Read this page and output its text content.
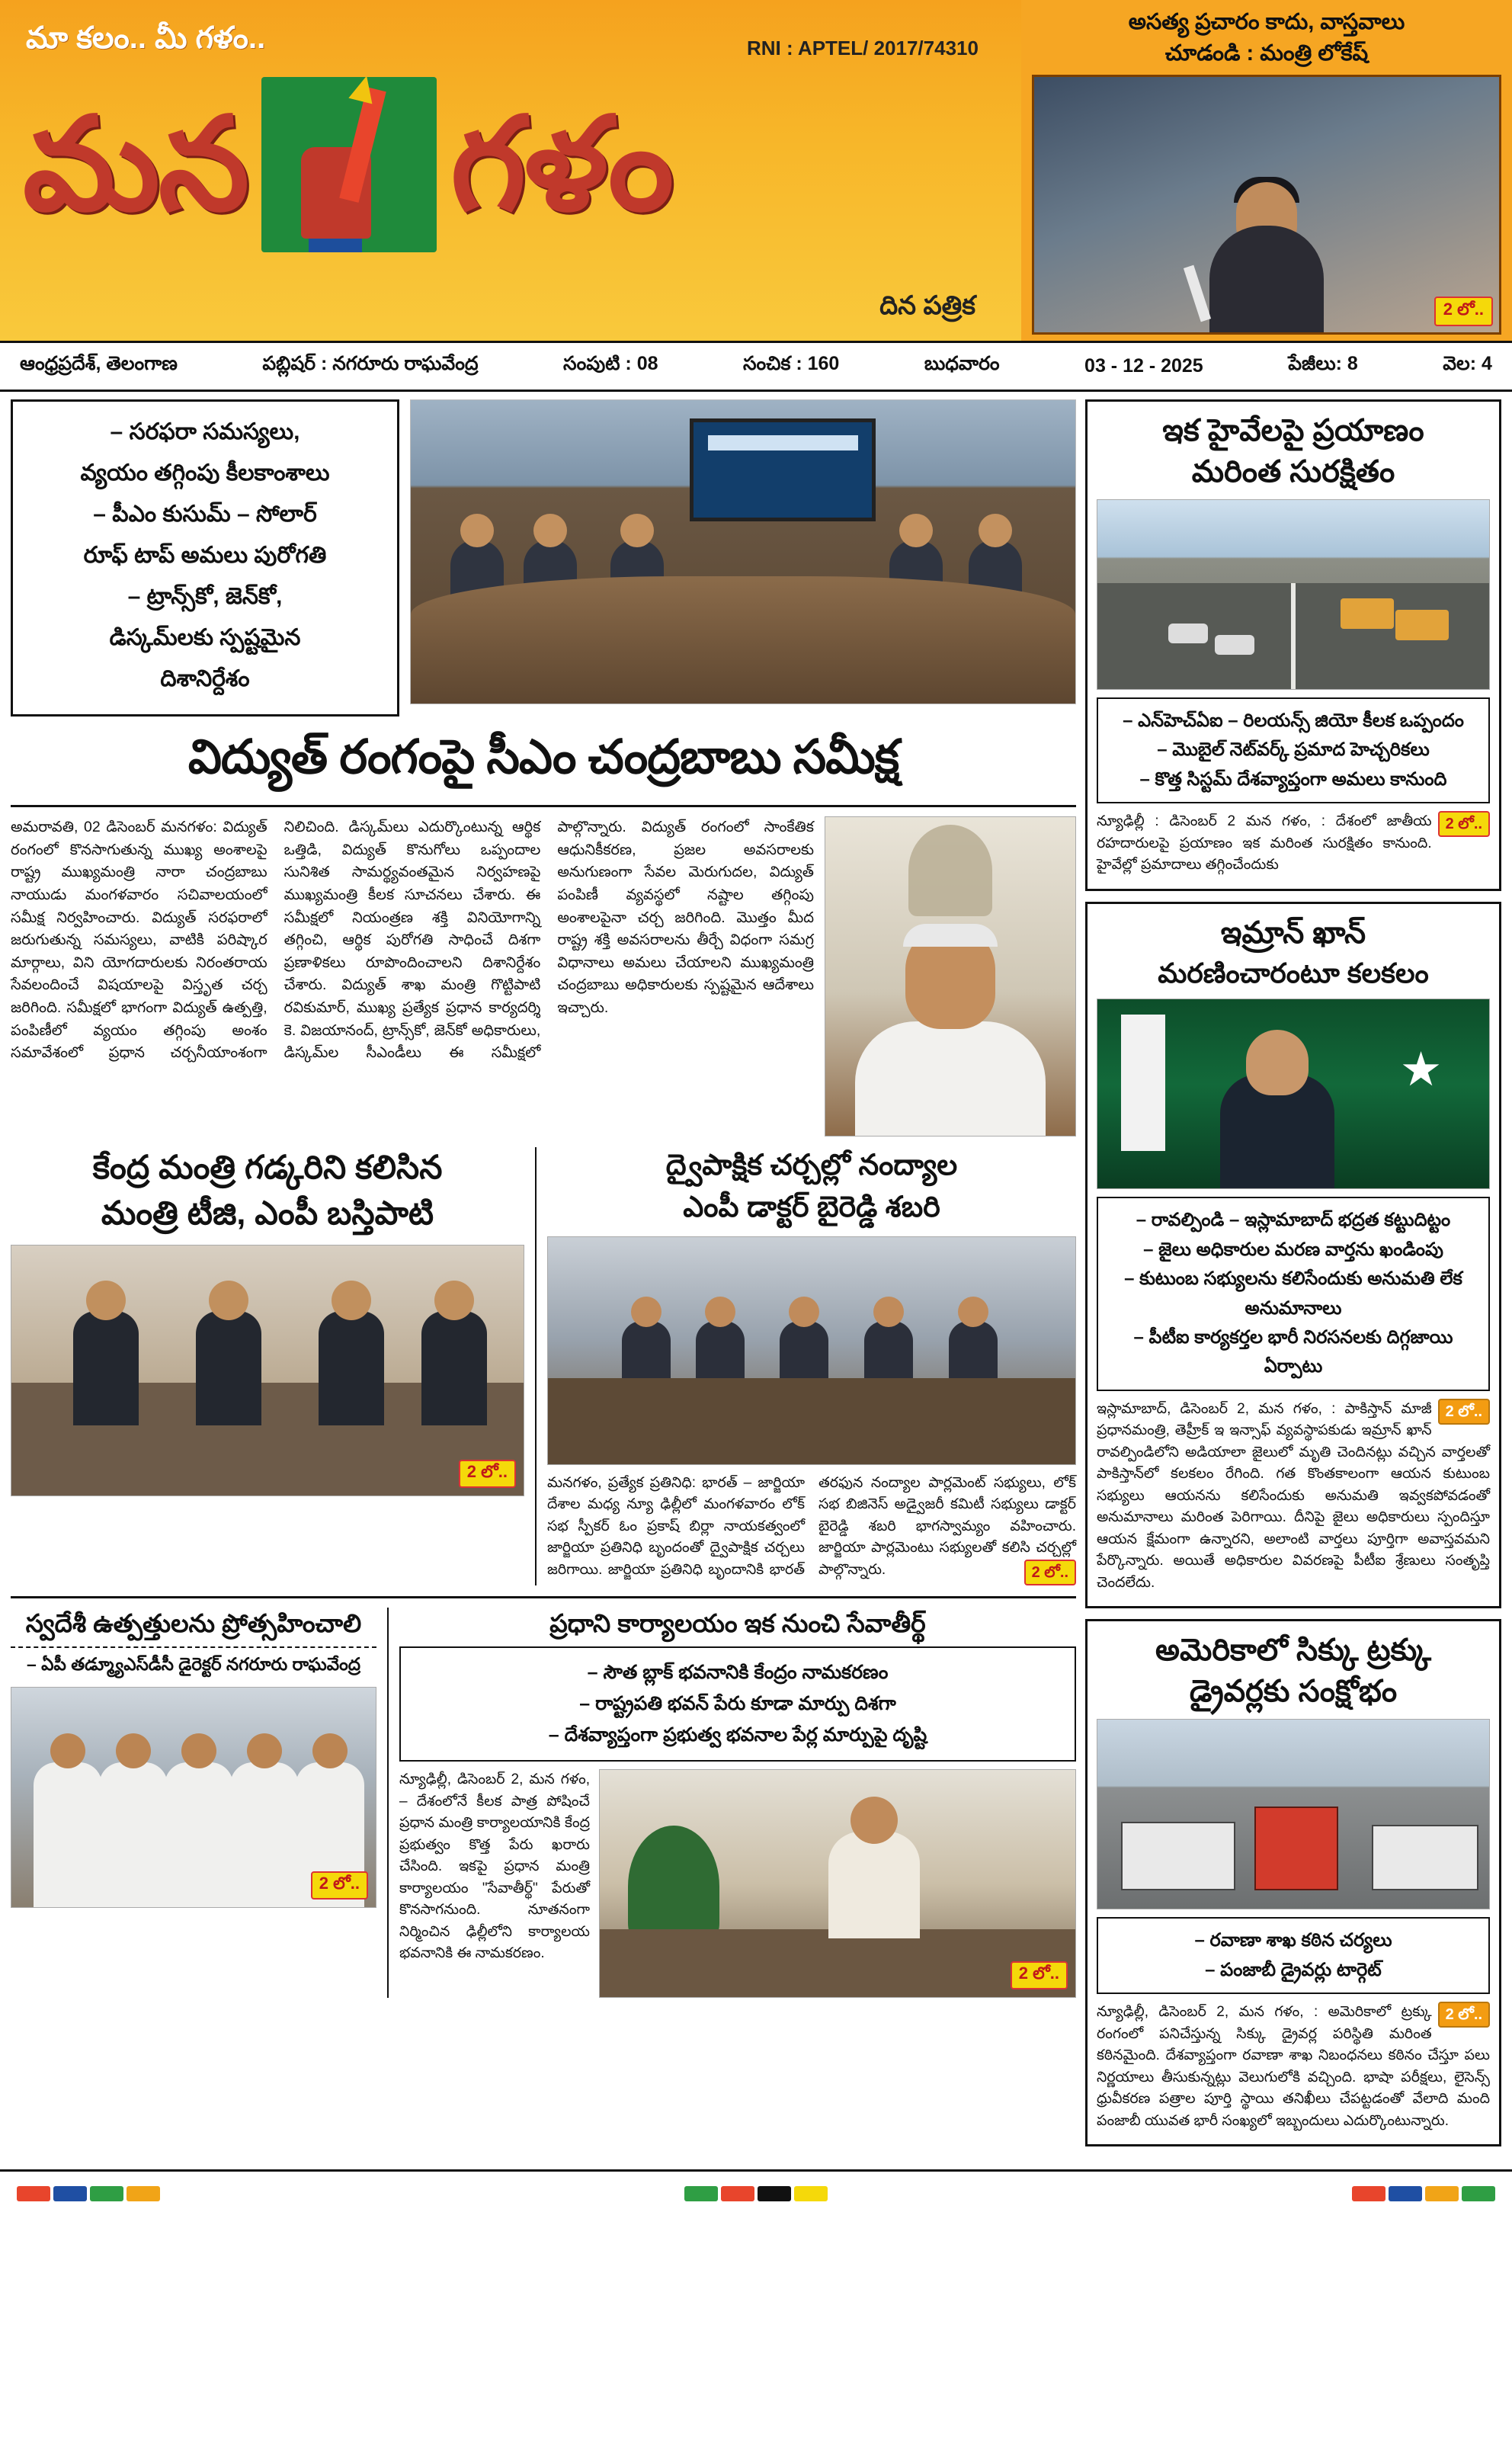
మా కలం.. మీ గళం..	RNI : APTEL/ 2017/74310
మన గళం
దిన పత్రిక
అసత్య ప్రచారం కాదు, వాస్తవాలు
చూడండి : మంత్రి లోకేష్
2 లో..
ఆంధ్రప్రదేశ్, తెలంగాణ	పబ్లిషర్ : నగరూరు రాఘవేంద్ర	సంపుటి : 08	సంచిక : 160	బుధవారం	03 - 12 - 2025	పేజీలు: 8	వెల: 4
– సరఫరా సమస్యలు,
వ్యయం తగ్గింపు కీలకాంశాలు
– పీఎం కుసుమ్ – సోలార్
రూఫ్ టాప్ అమలు పురోగతి
– ట్రాన్స్‌కో, జెన్‌కో,
డిస్కమ్‌లకు స్పష్టమైన
దిశానిర్దేశం
విద్యుత్ రంగంపై సీఎం చంద్రబాబు సమీక్ష
అమరావతి, 02 డిసెంబర్ మనగళం: విద్యుత్ రంగంలో కొనసాగుతున్న ముఖ్య అంశాలపై రాష్ట్ర ముఖ్యమంత్రి నారా చంద్రబాబు నాయుడు మంగళవారం సచివాలయంలో సమీక్ష నిర్వహించారు. విద్యుత్ సరఫరాలో జరుగుతున్న సమస్యలు, వాటికి పరిష్కార మార్గాలు, విని యోగదారులకు నిరంతరాయ సేవలందించే విషయాలపై విస్తృత చర్చ జరిగింది. సమీక్షలో భాగంగా విద్యుత్ ఉత్పత్తి, పంపిణీలో వ్యయం తగ్గింపు అంశం సమావేశంలో ప్రధాన చర్చనీయాంశంగా నిలిచింది. డిస్కమ్‌లు ఎదుర్కొంటున్న ఆర్థిక ఒత్తిడి, విద్యుత్ కొనుగోలు ఒప్పందాల సునిశిత సామర్థ్యవంతమైన నిర్వహణపై ముఖ్యమంత్రి కీలక సూచనలు చేశారు. ఈ సమీక్షలో నియంత్రణ శక్తి వినియోగాన్ని తగ్గించి, ఆర్థిక పురోగతి సాధించే దిశగా ప్రణాళికలు రూపొందించాలని దిశానిర్దేశం చేశారు. విద్యుత్ శాఖ మంత్రి గొట్టిపాటి రవికుమార్, ముఖ్య ప్రత్యేక ప్రధాన కార్యదర్శి కె. విజయానంద్, ట్రాన్స్‌కో, జెన్‌కో అధికారులు, డిస్కమ్‌ల సీఎండీలు ఈ సమీక్షలో పాల్గొన్నారు. విద్యుత్ రంగంలో సాంకేతిక ఆధునికీకరణ, ప్రజల అవసరాలకు అనుగుణంగా సేవల మెరుగుదల, విద్యుత్ పంపిణీ వ్యవస్థలో నష్టాల తగ్గింపు అంశాలపైనా చర్చ జరిగింది. మొత్తం మీద రాష్ట్ర శక్తి అవసరాలను తీర్చే విధంగా సమగ్ర విధానాలు అమలు చేయాలని ముఖ్యమంత్రి చంద్రబాబు అధికారులకు స్పష్టమైన ఆదేశాలు ఇచ్చారు.
కేంద్ర మంత్రి గడ్కరిని కలిసిన
మంత్రి టీజి, ఎంపీ బస్తిపాటి
2 లో..
ద్వైపాక్షిక చర్చల్లో నంద్యాల
ఎంపీ డాక్టర్ బైరెడ్డి శబరి
మనగళం, ప్రత్యేక ప్రతినిధి: భారత్ – జార్జియా దేశాల మధ్య న్యూ ఢిల్లీలో మంగళవారం లోక్ సభ స్పీకర్ ఓం ప్రకాష్ బిర్లా నాయకత్వంలో జార్జియా ప్రతినిధి బృందంతో ద్వైపాక్షిక చర్చలు జరిగాయి. జార్జియా ప్రతినిధి బృందానికి భారత్ తరఫున నంద్యాల పార్లమెంట్ సభ్యులు, లోక్ సభ బిజినెస్ అడ్వైజరీ కమిటీ సభ్యులు డాక్టర్ బైరెడ్డి శబరి భాగస్వామ్యం వహించారు. జార్జియా పార్లమెంటు సభ్యులతో కలిసి చర్చల్లో పాల్గొన్నారు.	2 లో..
స్వదేశీ ఉత్పత్తులను ప్రోత్సహించాలి
– ఏపీ తడ్మ్యూఎస్‌డీసీ డైరెక్టర్ నగరూరు రాఘవేంద్ర
2 లో..
ప్రధాని కార్యాలయం ఇక నుంచి సేవాతీర్థ్
– సౌత బ్లాక్ భవనానికి కేంద్రం నామకరణం
– రాష్ట్రపతి భవన్ పేరు కూడా మార్పు దిశగా
– దేశవ్యాప్తంగా ప్రభుత్వ భవనాల పేర్ల మార్పుపై దృష్టి
న్యూఢిల్లీ, డిసెంబర్ 2, మన గళం, – దేశంలోనే కీలక పాత్ర పోషించే ప్రధాన మంత్రి కార్యాలయానికి కేంద్ర ప్రభుత్వం కొత్త పేరు ఖరారు చేసింది. ఇకపై ప్రధాన మంత్రి కార్యాలయం "సేవాతీర్థ్" పేరుతో కొనసాగనుంది. నూతనంగా నిర్మించిన ఢిల్లీలోని కార్యాలయ భవనానికి ఈ నామకరణం.
2 లో..
ఇక హైవేలపై ప్రయాణం
మరింత సురక్షితం
– ఎన్‌హెచ్ఏఐ – రిలయన్స్ జియో కీలక ఒప్పందం
– మొబైల్ నెట్‌వర్క్ ప్రమాద హెచ్చరికలు
– కొత్త సిస్టమ్ దేశవ్యాప్తంగా అమలు కానుంది
2 లో..
న్యూఢిల్లీ : డిసెంబర్ 2 మన గళం, : దేశంలో జాతీయ రహదారులపై ప్రయాణం ఇక మరింత సురక్షితం కానుంది. హైవేల్లో ప్రమాదాలు తగ్గించేందుకు
ఇమ్రాన్ ఖాన్
మరణించారంటూ కలకలం
★
– రావల్పిండి – ఇస్లామాబాద్ భద్రత కట్టుదిట్టం
– జైలు అధికారుల మరణ వార్తను ఖండింపు
– కుటుంబ సభ్యులను కలిసేందుకు అనుమతి లేక అనుమానాలు
– పీటీఐ కార్యకర్తల భారీ నిరసనలకు దిగ్గజాయి ఏర్పాటు
2 లో..
ఇస్లామాబాద్, డిసెంబర్ 2, మన గళం, : పాకిస్తాన్ మాజీ ప్రధానమంత్రి, తెహ్రీక్ ఇ ఇన్సాఫ్ వ్యవస్థాపకుడు ఇమ్రాన్ ఖాన్ రావల్పిండిలోని అడియాలా జైలులో మృతి చెందినట్లు వచ్చిన వార్తలతో పాకిస్తాన్‌లో కలకలం రేగింది. గత కొంతకాలంగా ఆయన కుటుంబ సభ్యులు ఆయనను కలిసేందుకు అనుమతి ఇవ్వకపోవడంతో అనుమానాలు మరింత పెరిగాయి. దీనిపై జైలు అధికారులు స్పందిస్తూ ఆయన క్షేమంగా ఉన్నారని, అలాంటి వార్తలు పూర్తిగా అవాస్తవమని పేర్కొన్నారు. అయితే అధికారుల వివరణపై పీటీఐ శ్రేణులు సంతృప్తి చెందలేదు.
అమెరికాలో సిక్కు ట్రక్కు
డ్రైవర్లకు సంక్షోభం
– రవాణా శాఖ కఠిన చర్యలు
– పంజాబీ డ్రైవర్లు టార్గెట్
2 లో..
న్యూఢిల్లీ, డిసెంబర్ 2, మన గళం, : అమెరికాలో ట్రక్కు రంగంలో పనిచేస్తున్న సిక్కు డ్రైవర్ల పరిస్థితి మరింత కఠినమైంది. దేశవ్యాప్తంగా రవాణా శాఖ నిబంధనలు కఠినం చేస్తూ పలు నిర్ణయాలు తీసుకున్నట్లు వెలుగులోకి వచ్చింది. భాషా పరీక్షలు, లైసెన్స్ ధ్రువీకరణ పత్రాల పూర్తి స్థాయి తనిఖీలు చేపట్టడంతో వేలాది మంది పంజాబీ యువత భారీ సంఖ్యలో ఇబ్బందులు ఎదుర్కొంటున్నారు.
